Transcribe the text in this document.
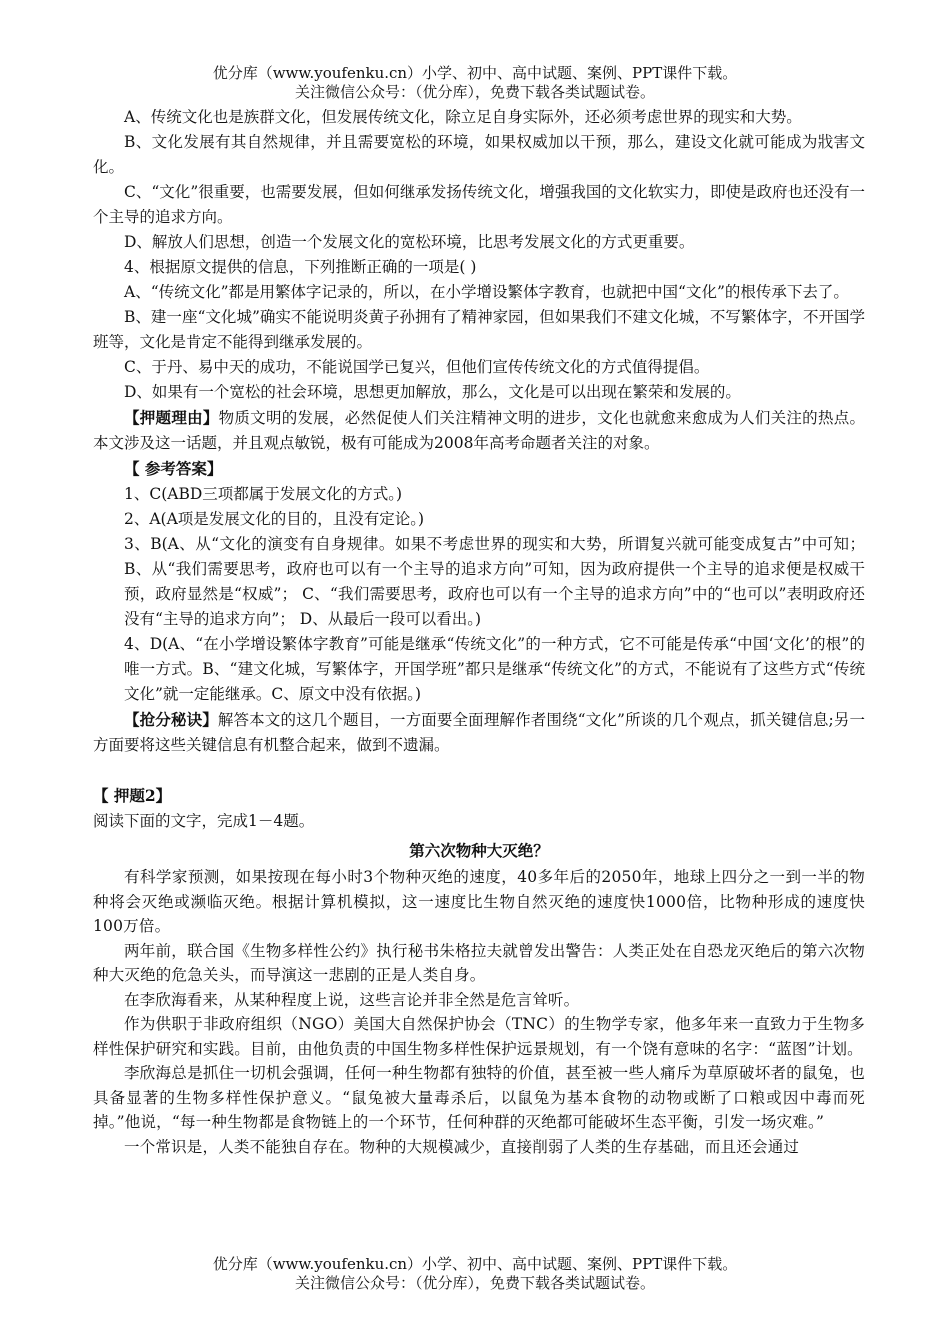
优分库（www.youfenku.cn）小学、初中、高中试题、案例、PPT课件下载。
关注微信公众号：（优分库），免费下载各类试题试卷。

A、传统文化也是族群文化，但发展传统文化，除立足自身实际外，还必须考虑世界的现实和大势。

B、文化发展有其自然规律，并且需要宽松的环境，如果权威加以干预，那么，建设文化就可能成为戕害文化。

C、“文化”很重要，也需要发展，但如何继承发扬传统文化，增强我国的文化软实力，即使是政府也还没有一个主导的追求方向。

D、解放人们思想，创造一个发展文化的宽松环境，比思考发展文化的方式更重要。

4、根据原文提供的信息，下列推断正确的一项是( )

A、“传统文化”都是用繁体字记录的，所以，在小学增设繁体字教育，也就把中国“文化”的根传承下去了。

B、建一座“文化城”确实不能说明炎黄子孙拥有了精神家园，但如果我们不建文化城，不写繁体字，不开国学班等，文化是肯定不能得到继承发展的。

C、于丹、易中天的成功，不能说国学已复兴，但他们宣传传统文化的方式值得提倡。

D、如果有一个宽松的社会环境，思想更加解放，那么，文化是可以出现在繁荣和发展的。

【押题理由】物质文明的发展，必然促使人们关注精神文明的进步，文化也就愈来愈成为人们关注的热点。本文涉及这一话题，并且观点敏锐，极有可能成为2008年高考命题者关注的对象。

【 参考答案】

1、C(ABD三项都属于发展文化的方式。)

2、A(A项是发展文化的目的，且没有定论。)

3、B(A、从“文化的演变有自身规律。如果不考虑世界的现实和大势，所谓复兴就可能变成复古”中可知；B、从“我们需要思考，政府也可以有一个主导的追求方向”可知，因为政府提供一个主导的追求便是权威干预，政府显然是“权威”； C、“我们需要思考，政府也可以有一个主导的追求方向”中的“也可以”表明政府还没有“主导的追求方向”； D、从最后一段可以看出。)

4、D(A、“在小学增设繁体字教育”可能是继承“传统文化”的一种方式，它不可能是传承“中国‘文化’的根”的唯一方式。B、“建文化城，写繁体字，开国学班”都只是继承“传统文化”的方式，不能说有了这些方式“传统文化”就一定能继承。C、原文中没有依据。)

【抢分秘诀】解答本文的这几个题目，一方面要全面理解作者围绕“文化”所谈的几个观点，抓关键信息;另一方面要将这些关键信息有机整合起来，做到不遗漏。

【 押题2】

阅读下面的文字，完成1－4题。

第六次物种大灭绝？

有科学家预测，如果按现在每小时3个物种灭绝的速度，40多年后的2050年，地球上四分之一到一半的物种将会灭绝或濒临灭绝。根据计算机模拟，这一速度比生物自然灭绝的速度快1000倍，比物种形成的速度快100万倍。

两年前，联合国《生物多样性公约》执行秘书朱格拉夫就曾发出警告：人类正处在自恐龙灭绝后的第六次物种大灭绝的危急关头，而导演这一悲剧的正是人类自身。

在李欣海看来，从某种程度上说，这些言论并非全然是危言耸听。

作为供职于非政府组织（NGO）美国大自然保护协会（TNC）的生物学专家，他多年来一直致力于生物多样性保护研究和实践。目前，由他负责的中国生物多样性保护远景规划，有一个饶有意味的名字：“蓝图”计划。

李欣海总是抓住一切机会强调，任何一种生物都有独特的价值，甚至被一些人痛斥为草原破坏者的鼠兔，也具备显著的生物多样性保护意义。“鼠兔被大量毒杀后，以鼠兔为基本食物的动物或断了口粮或因中毒而死掉。”他说，“每一种生物都是食物链上的一个环节，任何种群的灭绝都可能破坏生态平衡，引发一场灾难。”

一个常识是，人类不能独自存在。物种的大规模减少，直接削弱了人类的生存基础，而且还会通过

优分库（www.youfenku.cn）小学、初中、高中试题、案例、PPT课件下载。
关注微信公众号：（优分库），免费下载各类试题试卷。
